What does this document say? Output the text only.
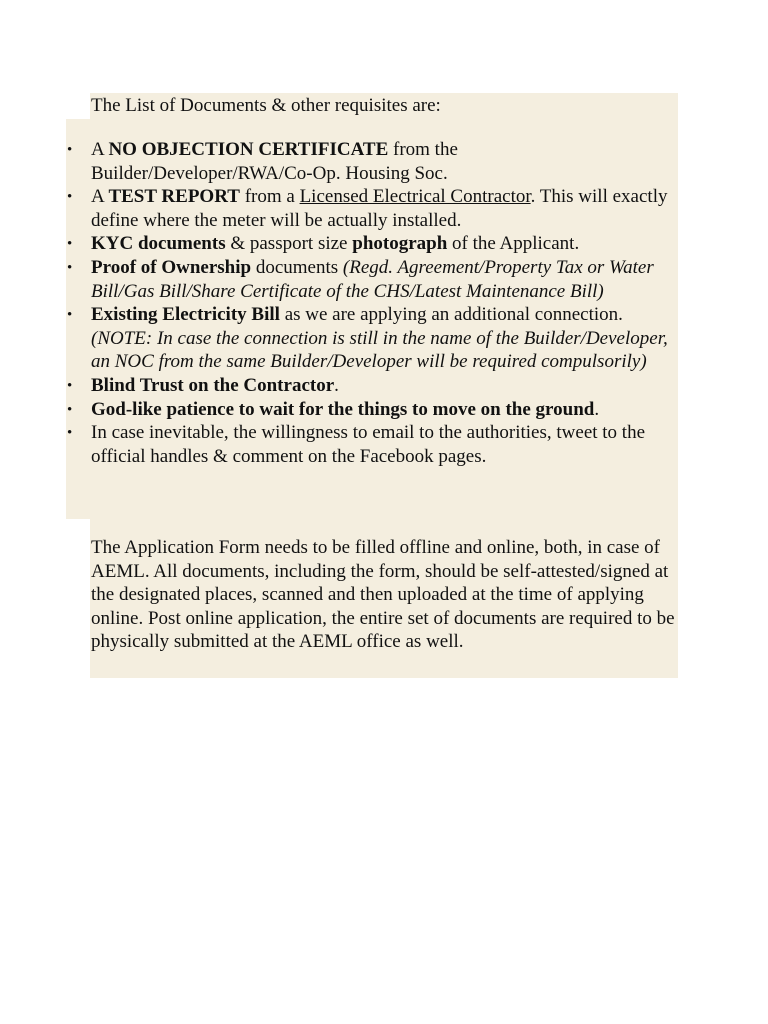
The List of Documents & other requisites are:

• A NO OBJECTION CERTIFICATE from the Builder/Developer/RWA/Co-Op. Housing Soc.
• A TEST REPORT from a Licensed Electrical Contractor. This will exactly define where the meter will be actually installed.
• KYC documents & passport size photograph of the Applicant.
• Proof of Ownership documents (Regd. Agreement/Property Tax or Water Bill/Gas Bill/Share Certificate of the CHS/Latest Maintenance Bill)
• Existing Electricity Bill as we are applying an additional connection. (NOTE: In case the connection is still in the name of the Builder/Developer, an NOC from the same Builder/Developer will be required compulsorily)
• Blind Trust on the Contractor.
• God-like patience to wait for the things to move on the ground.
• In case inevitable, the willingness to email to the authorities, tweet to the official handles & comment on the Facebook pages.

The Application Form needs to be filled offline and online, both, in case of AEML. All documents, including the form, should be self-attested/signed at the designated places, scanned and then uploaded at the time of applying online. Post online application, the entire set of documents are required to be physically submitted at the AEML office as well.
